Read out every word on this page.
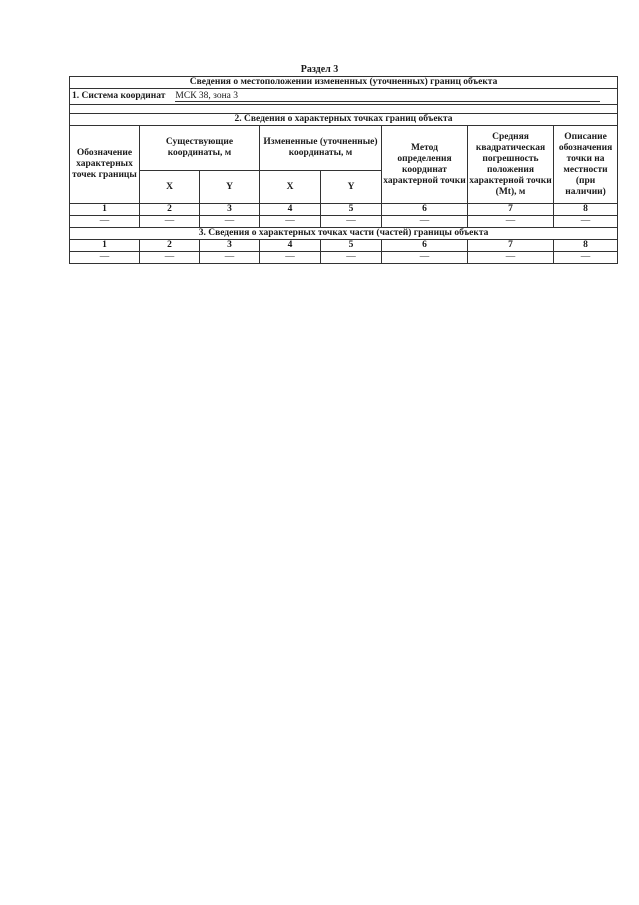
Раздел 3
Сведения о местоположении измененных (уточненных) границ объекта							
1. Система координат МСК 38, зона 3							

2. Сведения о характерных точках границ объекта							
Обозначение характерных точек границы	Существующие координаты, м		Измененные (уточненные) координаты, м		Метод определения координат характерной точки	Средняя квадратическая погрешность положения характерной точки (Mt), м	Описание обозначения точки на местности (при наличии)
	X	Y	X	Y			
1	2	3	4	5	6	7	8
—	—	—	—	—	—	—	—
3. Сведения о характерных точках части (частей) границы объекта							
1	2	3	4	5	6	7	8
—	—	—	—	—	—	—	—
